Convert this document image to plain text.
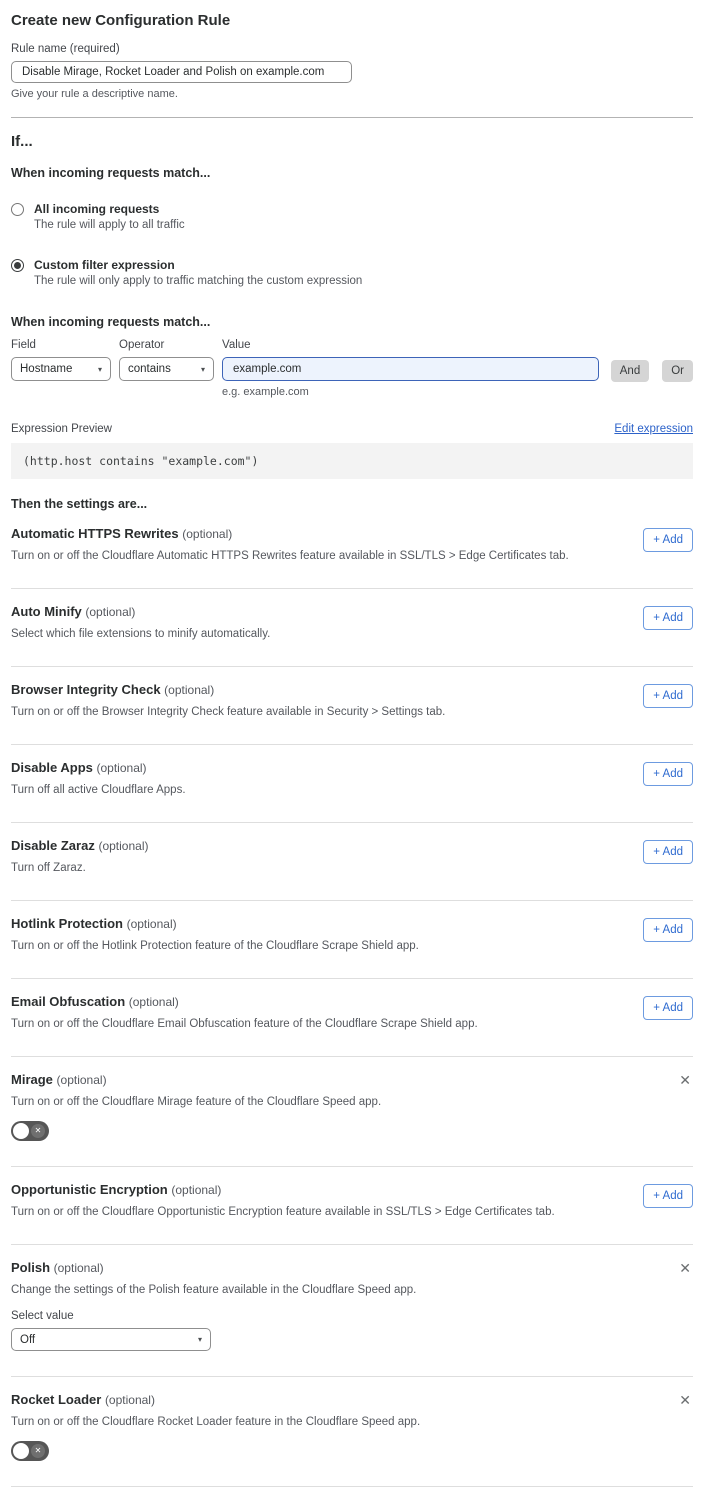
Create new Configuration Rule
Rule name (required)
Disable Mirage, Rocket Loader and Polish on example.com
Give your rule a descriptive name.
If...
When incoming requests match...
All incoming requests
The rule will apply to all traffic
Custom filter expression
The rule will only apply to traffic matching the custom expression
When incoming requests match...
Field
Hostname	▾
Operator
contains	▾
Value
example.com
e.g. example.com
And	Or
Expression Preview	Edit expression
(http.host contains "example.com")
Then the settings are...
Automatic HTTPS Rewrites (optional)
Turn on or off the Cloudflare Automatic HTTPS Rewrites feature available in SSL/TLS > Edge Certificates tab.
+ Add
Auto Minify (optional)
Select which file extensions to minify automatically.
+ Add
Browser Integrity Check (optional)
Turn on or off the Browser Integrity Check feature available in Security > Settings tab.
+ Add
Disable Apps (optional)
Turn off all active Cloudflare Apps.
+ Add
Disable Zaraz (optional)
Turn off Zaraz.
+ Add
Hotlink Protection (optional)
Turn on or off the Hotlink Protection feature of the Cloudflare Scrape Shield app.
+ Add
Email Obfuscation (optional)
Turn on or off the Cloudflare Email Obfuscation feature of the Cloudflare Scrape Shield app.
+ Add
Mirage (optional)
Turn on or off the Cloudflare Mirage feature of the Cloudflare Speed app.
✕
✕
Opportunistic Encryption (optional)
Turn on or off the Cloudflare Opportunistic Encryption feature available in SSL/TLS > Edge Certificates tab.
+ Add
Polish (optional)
Change the settings of the Polish feature available in the Cloudflare Speed app.
Select value
Off	▾
✕
Rocket Loader (optional)
Turn on or off the Cloudflare Rocket Loader feature in the Cloudflare Speed app.
✕
✕
